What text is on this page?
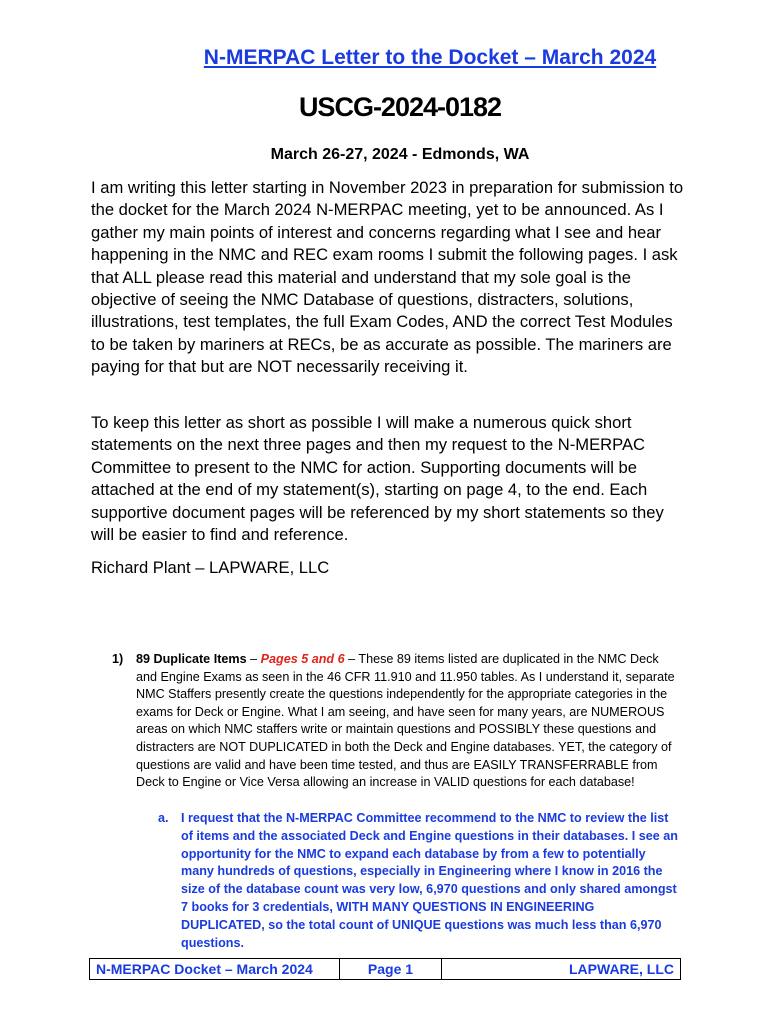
N-MERPAC Letter to the Docket – March 2024
USCG-2024-0182
March 26-27, 2024 - Edmonds, WA
I am writing this letter starting in November 2023 in preparation for submission to the docket for the March 2024 N-MERPAC meeting, yet to be announced. As I gather my main points of interest and concerns regarding what I see and hear happening in the NMC and REC exam rooms I submit the following pages. I ask that ALL please read this material and understand that my sole goal is the objective of seeing the NMC Database of questions, distracters, solutions, illustrations, test templates, the full Exam Codes, AND the correct Test Modules to be taken by mariners at RECs, be as accurate as possible. The mariners are paying for that but are NOT necessarily receiving it.
To keep this letter as short as possible I will make a numerous quick short statements on the next three pages and then my request to the N-MERPAC Committee to present to the NMC for action. Supporting documents will be attached at the end of my statement(s), starting on page 4, to the end. Each supportive document pages will be referenced by my short statements so they will be easier to find and reference.
Richard Plant – LAPWARE, LLC
1) 89 Duplicate Items – Pages 5 and 6 – These 89 items listed are duplicated in the NMC Deck and Engine Exams as seen in the 46 CFR 11.910 and 11.950 tables. As I understand it, separate NMC Staffers presently create the questions independently for the appropriate categories in the exams for Deck or Engine. What I am seeing, and have seen for many years, are NUMEROUS areas on which NMC staffers write or maintain questions and POSSIBLY these questions and distracters are NOT DUPLICATED in both the Deck and Engine databases. YET, the category of questions are valid and have been time tested, and thus are EASILY TRANSFERRABLE from Deck to Engine or Vice Versa allowing an increase in VALID questions for each database!
a. I request that the N-MERPAC Committee recommend to the NMC to review the list of items and the associated Deck and Engine questions in their databases. I see an opportunity for the NMC to expand each database by from a few to potentially many hundreds of questions, especially in Engineering where I know in 2016 the size of the database count was very low, 6,970 questions and only shared amongst 7 books for 3 credentials, WITH MANY QUESTIONS IN ENGINEERING DUPLICATED, so the total count of UNIQUE questions was much less than 6,970 questions.
N-MERPAC Docket – March 2024	Page 1	LAPWARE, LLC
